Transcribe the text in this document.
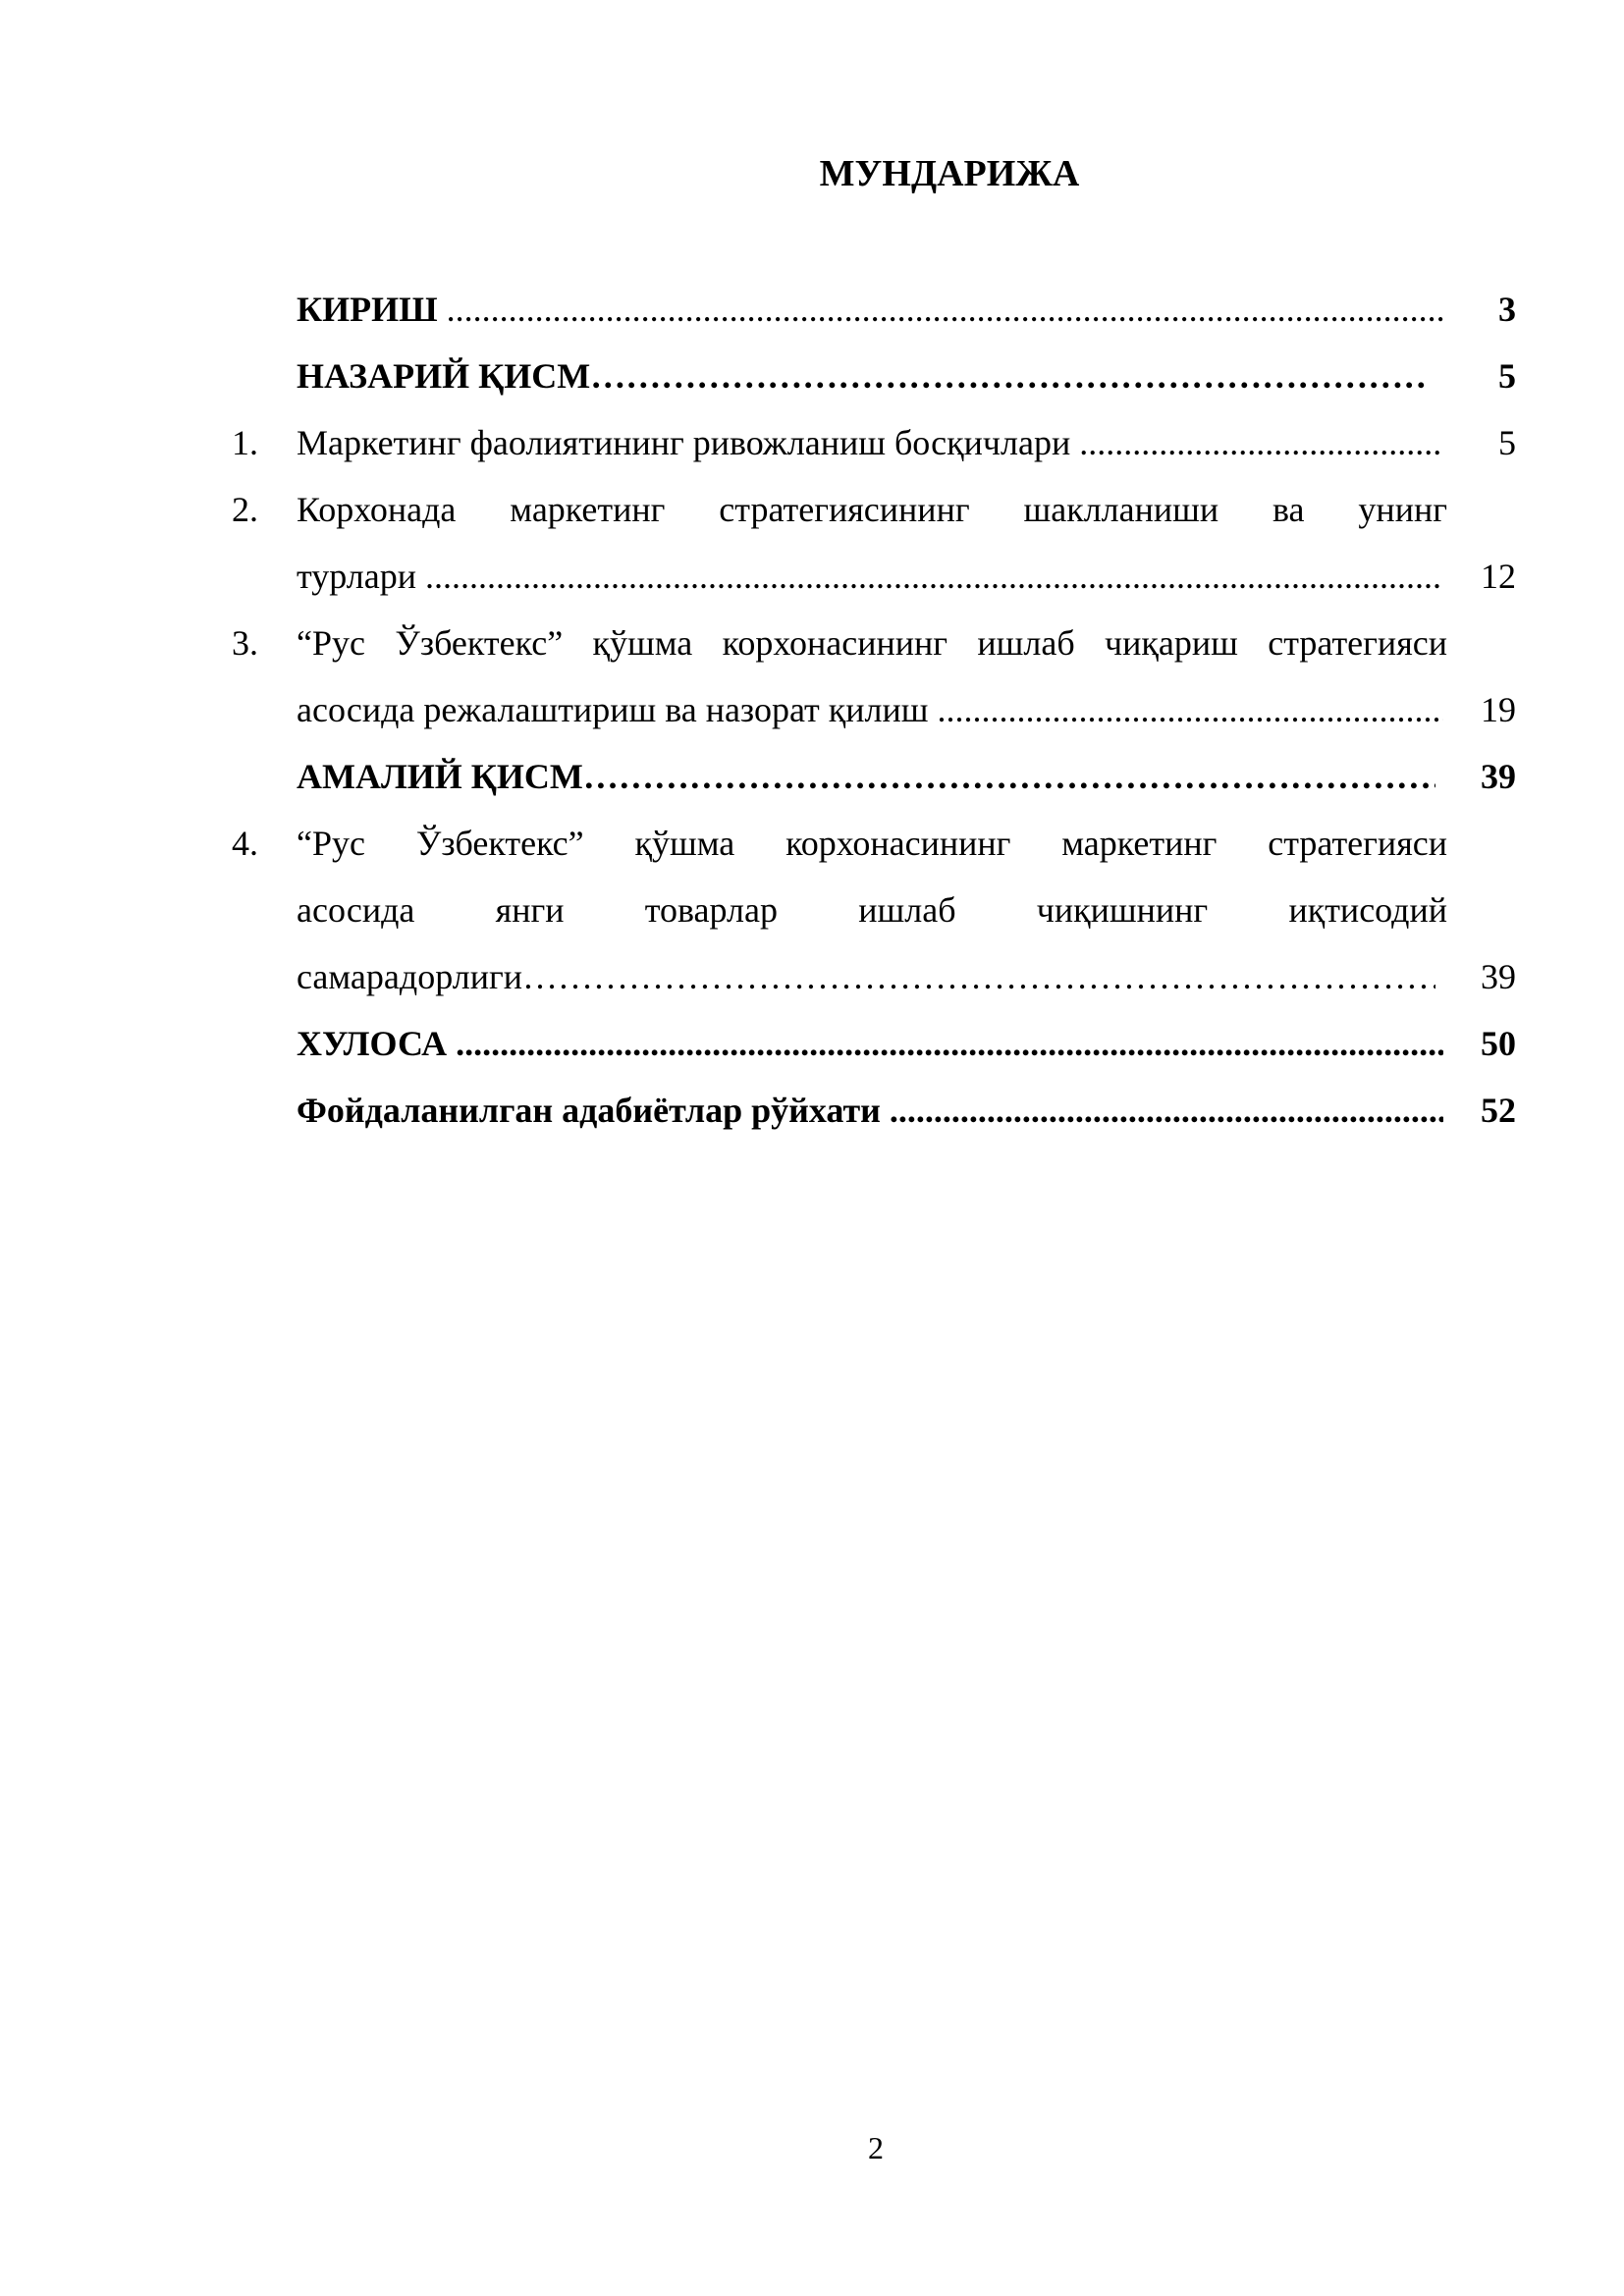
МУНДАРИЖА
КИРИШ .....	3
НАЗАРИЙ ҚИСМ ………………………………………………………………………………………………………………………………	5
1. Маркетинг фаолиятининг ривожланиш босқичлари .....	5
2. Корхонада маркетинг стратегиясининг шаклланиши ва унинг
турлари .....	12
3. “Рус Ўзбектекс” қўшма корхонасининг ишлаб чиқариш стратегияси
асосида режалаштириш ва назорат қилиш .....	19
АМАЛИЙ ҚИСМ ………………………………………………………………………………………………………………………………	39
4. “Рус Ўзбектекс” қўшма корхонасининг маркетинг стратегияси
асосида янги товарлар ишлаб чиқишнинг иқтисодий
самарадорлиги ………………………………………………………………………………………………………………………………	39
ХУЛОСА .....	50
Фойдаланилган адабиётлар рўйхати .....	52
2
